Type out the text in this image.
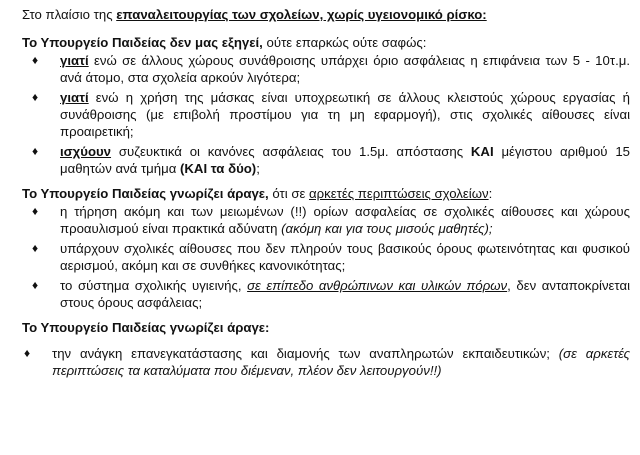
Στο πλαίσιο της επαναλειτουργίας των σχολείων, χωρίς υγειονομικό ρίσκο:

Το Υπουργείο Παιδείας δεν μας εξηγεί, ούτε επαρκώς ούτε σαφώς:

♦ γιατί ενώ σε άλλους χώρους συνάθροισης υπάρχει όριο ασφάλειας η επιφάνεια των 5 - 10τ.μ. ανά άτομο, στα σχολεία αρκούν λιγότερα;
♦ γιατί ενώ η χρήση της μάσκας είναι υποχρεωτική σε άλλους κλειστούς χώρους εργασίας ή συνάθροισης (με επιβολή προστίμου για τη μη εφαρμογή), στις σχολικές αίθουσες είναι προαιρετική;
♦ ισχύουν συζευκτικά οι κανόνες ασφάλειας του 1.5μ. απόστασης ΚΑΙ μέγιστου αριθμού 15 μαθητών ανά τμήμα (ΚΑΙ τα δύο);

Το Υπουργείο Παιδείας γνωρίζει άραγε, ότι σε αρκετές περιπτώσεις σχολείων:

♦ η τήρηση ακόμη και των μειωμένων (!!) ορίων ασφαλείας σε σχολικές αίθουσες και χώρους προαυλισμού είναι πρακτικά αδύνατη (ακόμη και για τους μισούς μαθητές);
♦ υπάρχουν σχολικές αίθουσες που δεν πληρούν τους βασικούς όρους φωτεινότητας και φυσικού αερισμού, ακόμη και σε συνθήκες κανονικότητας;
♦ το σύστημα σχολικής υγιεινής, σε επίπεδο ανθρώπινων και υλικών πόρων, δεν ανταποκρίνεται στους όρους ασφάλειας;

Το Υπουργείο Παιδείας γνωρίζει άραγε:

♦ την ανάγκη επανεγκατάστασης και διαμονής των αναπληρωτών εκπαιδευτικών; (σε αρκετές περιπτώσεις τα καταλύματα που διέμεναν, πλέον δεν λειτουργούν!!)
